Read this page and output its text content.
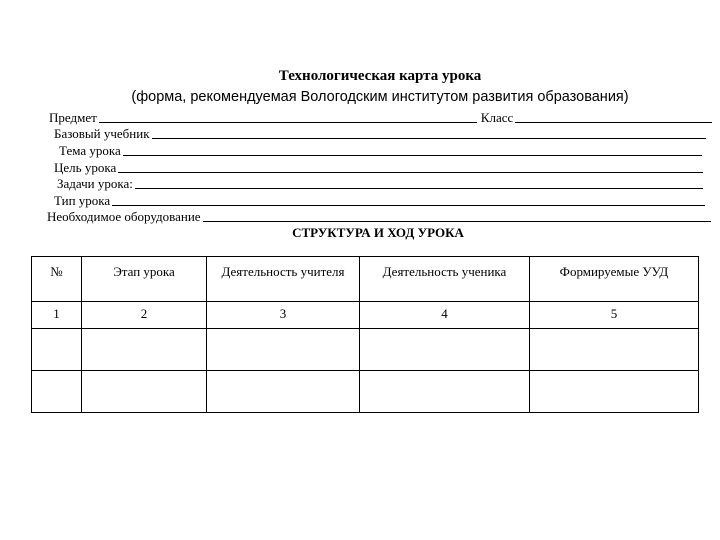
Технологическая карта урока
(форма, рекомендуемая Вологодским институтом развития образования)
Предмет	Класс
Базовый учебник
Тема урока
Цель урока
Задачи урока:
Тип урока
Необходимое оборудование
СТРУКТУРА И ХОД УРОКА
№	Этап урока	Деятельность учителя	Деятельность ученика	Формируемые УУД
1	2	3	4	5
